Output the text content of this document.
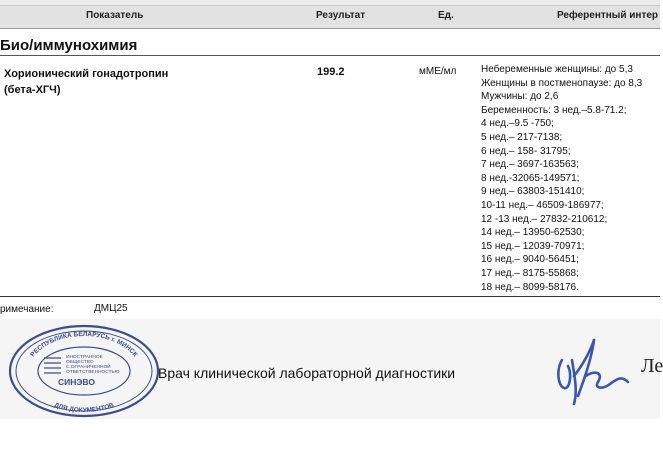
Показатель	Результат	Ед.	Референтный интер
Био/иммунохимия
Хорионический гонадотропин
(бета-ХГЧ)
199.2	мМЕ/мл Небеременные женщины: до 5,3
Женщины в постменопаузе: до 8,3
Мужчины: до 2,6
Беременность: 3 нед.–5.8-71.2;
4 нед.–9.5 -750;
5 нед.– 217-7138;
6 нед.– 158- 31795;
7 нед.– 3697-163563;
8 нед.-32065-149571;
9 нед.– 63803-151410;
10-11 нед.– 46509-186977;
12 -13 нед.– 27832-210612;
14 нед.– 13950-62530;
15 нед.– 12039-70971;
16 нед.– 9040-56451;
17 нед.– 8175-55868;
18 нед.– 8099-58176.
римечание:	ДМЦ25
РЕСПУБЛИКА БЕЛАРУСЬ г. МИНСК
ДЛЯ ДОКУМЕНТОВ
ИНОСТРАННОЕ
ОБЩЕСТВО
С ОГРАНИЧЕННОЙ
ОТВЕТСТВЕННОСТЬЮ
СИНЭВО
Врач клинической лабораторной диагностики	Ле
